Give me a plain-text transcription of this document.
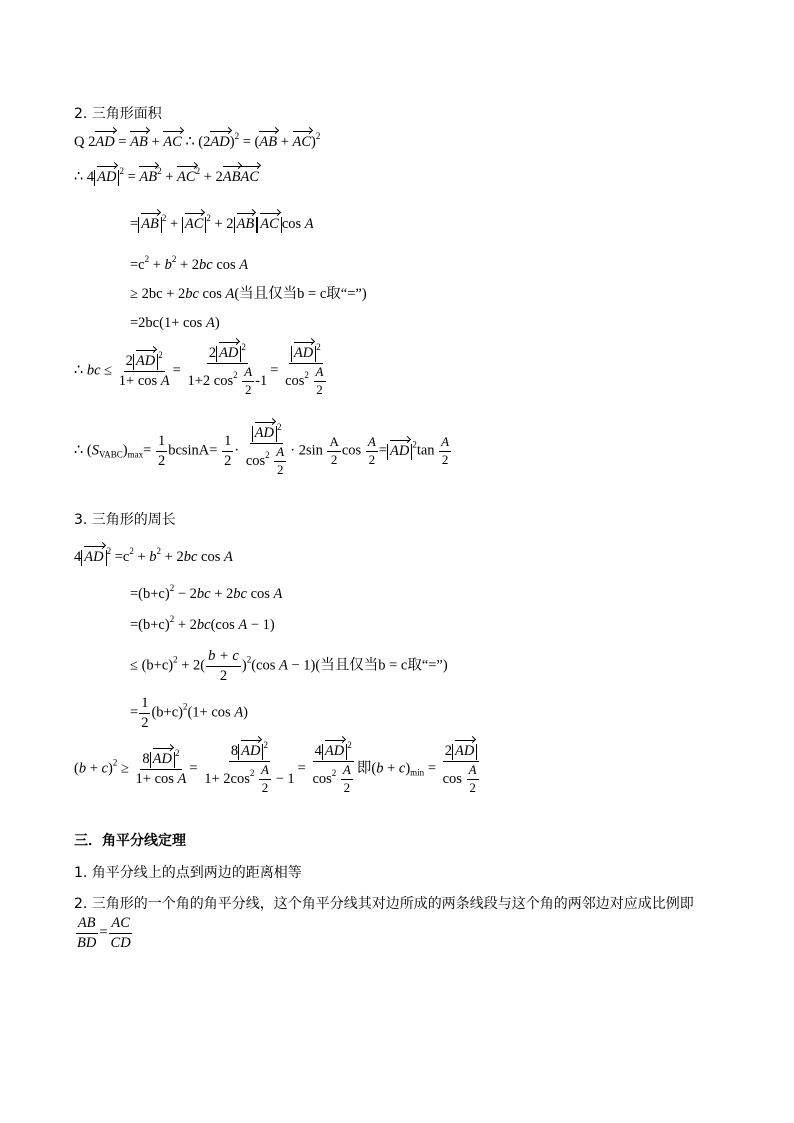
2. 三角形面积
Q 2AD = AB + AC ∴ $(2AD)^2 = (AB + AC)^2$
∴ 4 AD $^2 = AB^2 + AC^2$ + 2ABAC
= AB $^2$ + AC $^2$ + 2 AB AC cos A
$=c^2 + b^2 + 2bc$ cos A
≥ 2bc + 2bc cos A(当且仅当b = c取“=”)
=2bc(1+ cos A)
∴ bc ≤ $\frac{2 AD ^2}{\text{1+ cos A}} = \frac{2 AD ^2}{1+2 \cos^2 \frac{A}{2} -1} = \frac{AD ^2}{\cos^2 \frac{A}{2}}$
∴ $(S_{VABC})_{max}= \frac{1}{2} bcsinA= \frac{1}{2} \cdot \frac{AD ^2}{\cos^2 \frac{A}{2}} \cdot 2\sin \frac{A}{2}$ $\cos \frac{A}{2}$ = AD $^2\tan \frac{A}{2}$
3. 三角形的周长
4 AD $^2 =c^2 + b^2 + 2bc$ cos A
$=(b+c)^2 - 2bc + 2bc$ cos A
$=(b+c)^2 + 2bc(\cos$ A − 1)
≤ $(b+c)^2 + 2( \frac{b + c}{2} )^2(\cos$ A − 1)(当且仅当b = c取“=”)
= $\frac{1}{2} (b+c)^2(1+ \cos A)$
$(b + c)^2 \ge \frac{8 AD ^2}{\text{1+ cos A}} = \frac{8 AD ^2}{1+ 2\cos^2 \frac{A}{2} - 1} = \frac{4 AD ^2}{\cos^2 \frac{A}{2}}$ 即$(b + c)_{min} = \frac{2 AD}{\cos \frac{A}{2}}$
三．角平分线定理
1. 角平分线上的点到两边的距离相等
2. 三角形的一个角的角平分线，这个角平分线其对边所成的两条线段与这个角的两邻边对应成比例即
$\frac{AB}{BD} = \frac{AC}{CD}$
